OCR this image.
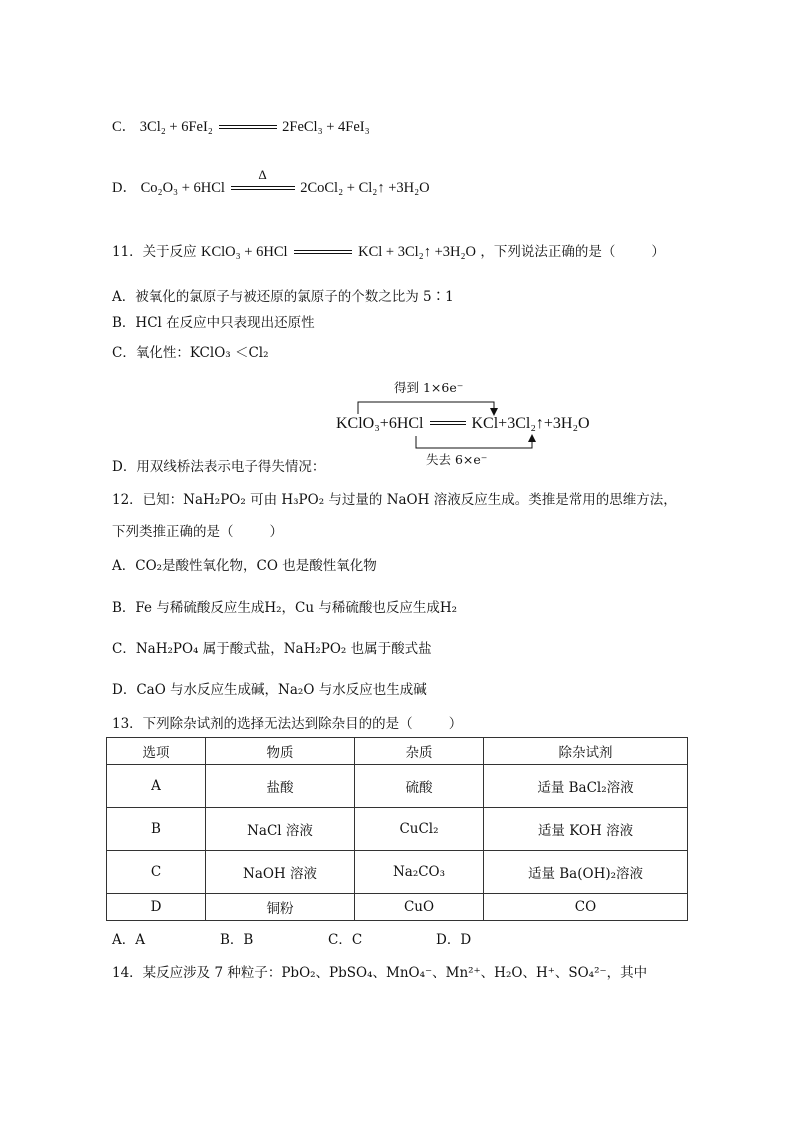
C． 3Cl₂ + 6FeI₂	2FeCl₃ + 4FeI₃
D． Co₂O₃ + 6HCl
Δ
2CoCl₂ + Cl₂↑ +3H₂O
11．关于反应 KClO₃ + 6HCl	KCl + 3Cl₂↑ +3H₂O ，下列说法正确的是（	）
A．被氧化的氯原子与被还原的氯原子的个数之比为 5∶1
B．HCl 在反应中只表现出还原性
C．氧化性：KClO₃ ＜Cl₂
得到 1×6e⁻
KClO₃+6HCl	KCl+3Cl₂↑+3H₂O
失去 6×e⁻
D．用双线桥法表示电子得失情况：
12．已知：NaH₂PO₂ 可由 H₃PO₂ 与过量的 NaOH 溶液反应生成。类推是常用的思维方法，
下列类推正确的是（	）
A．CO₂是酸性氧化物，CO 也是酸性氧化物
B．Fe 与稀硫酸反应生成H₂，Cu 与稀硫酸也反应生成H₂
C．NaH₂PO₄ 属于酸式盐，NaH₂PO₂ 也属于酸式盐
D．CaO 与水反应生成碱，Na₂O 与水反应也生成碱
13．下列除杂试剂的选择无法达到除杂目的的是（	）
选项	物质	杂质	除杂试剂
A	盐酸	硫酸	适量 BaCl₂溶液
B	NaCl 溶液	CuCl₂	适量 KOH 溶液
C	NaOH 溶液	Na₂CO₃	适量 Ba(OH)₂溶液
D	铜粉	CuO	CO
A．A	B．B	C．C	D．D
14．某反应涉及 7 种粒子：PbO₂、PbSO₄、MnO₄⁻、Mn²⁺、H₂O、H⁺、SO₄²⁻，其中
